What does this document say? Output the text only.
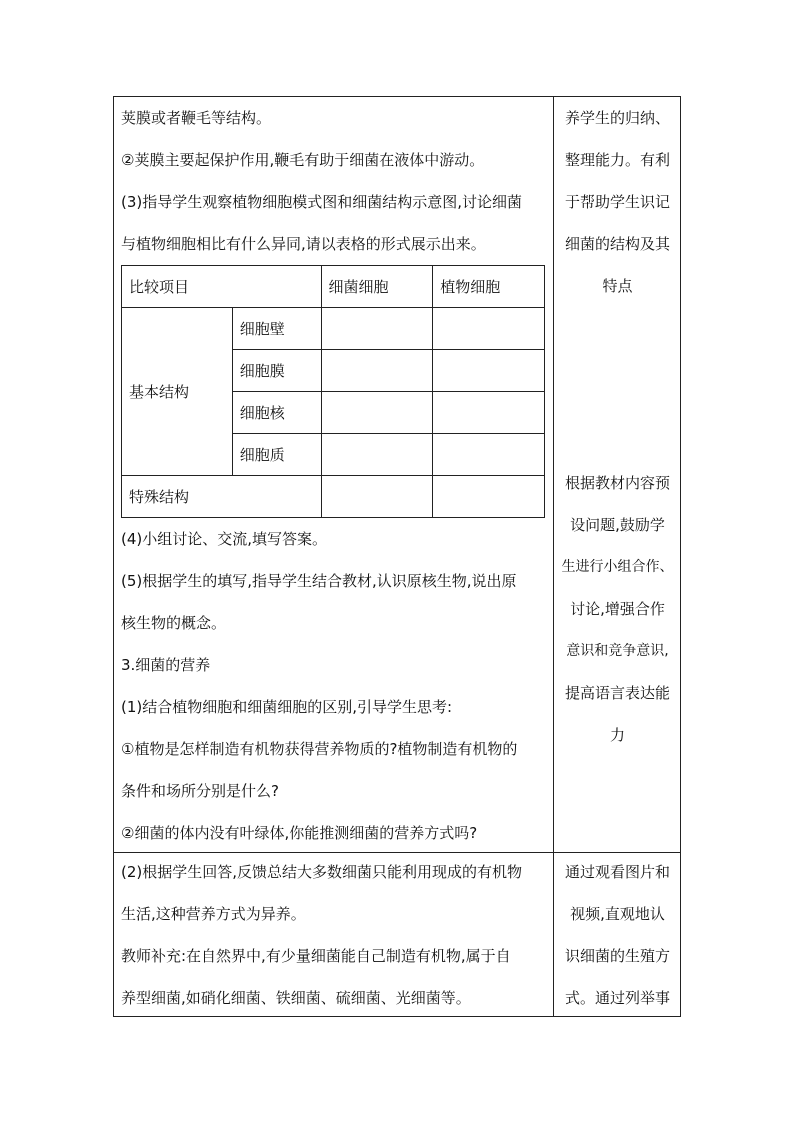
荚膜或者鞭毛等结构。
②荚膜主要起保护作用,鞭毛有助于细菌在液体中游动。
(3)指导学生观察植物细胞模式图和细菌结构示意图,讨论细菌
与植物细胞相比有什么异同,请以表格的形式展示出来。
比较项目		细菌细胞	植物细胞
基本结构	细胞壁		
	细胞膜		
	细胞核		
	细胞质		
特殊结构			
(4)小组讨论、交流,填写答案。
(5)根据学生的填写,指导学生结合教材,认识原核生物,说出原
核生物的概念。
3.细菌的营养
(1)结合植物细胞和细菌细胞的区别,引导学生思考:
①植物是怎样制造有机物获得营养物质的?植物制造有机物的
条件和场所分别是什么?
②细菌的体内没有叶绿体,你能推测细菌的营养方式吗?
养学生的归纳、
整理能力。有利
于帮助学生识记
细菌的结构及其
特点
根据教材内容预
设问题,鼓励学
生进行小组合作、
讨论,增强合作
意识和竞争意识,
提高语言表达能
力
(2)根据学生回答,反馈总结大多数细菌只能利用现成的有机物
生活,这种营养方式为异养。
教师补充:在自然界中,有少量细菌能自己制造有机物,属于自
养型细菌,如硝化细菌、铁细菌、硫细菌、光细菌等。
通过观看图片和
视频,直观地认
识细菌的生殖方
式。通过列举事
